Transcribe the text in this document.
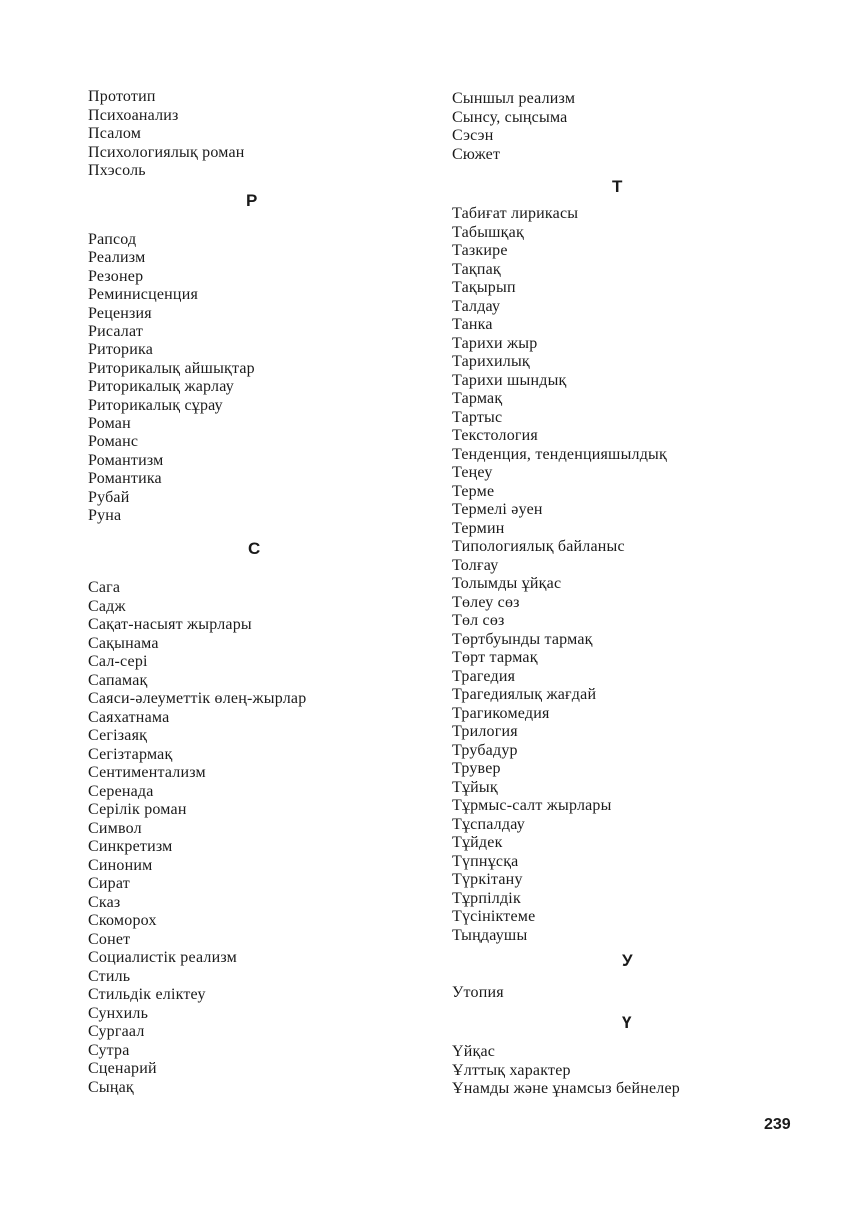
Прототип
Психоанализ
Псалом
Психологиялық роман
Пхэсоль
Р
Рапсод
Реализм
Резонер
Реминисценция
Рецензия
Рисалат
Риторика
Риторикалық айшықтар
Риторикалық жарлау
Риторикалық сұрау
Роман
Романс
Романтизм
Романтика
Рубай
Руна
С
Сага
Садж
Сақат-насыят жырлары
Сақынама
Сал-сері
Сапамақ
Саяси-әлеуметтік өлең-жырлар
Саяхатнама
Сегізаяқ
Сегізтармақ
Сентиментализм
Серенада
Серілік роман
Символ
Синкретизм
Синоним
Сират
Сказ
Скоморох
Сонет
Социалистік реализм
Стиль
Стильдік еліктеу
Сунхиль
Сургаал
Сутра
Сценарий
Сыңақ
Сыншыл реализм
Сынсу, сыңсыма
Сэсэн
Сюжет
Т
Табиғат лирикасы
Табышқақ
Тазкире
Тақпақ
Тақырып
Талдау
Танка
Тарихи жыр
Тарихилық
Тарихи шындық
Тармақ
Тартыс
Текстология
Тенденция, тенденцияшылдық
Теңеу
Терме
Термелі әуен
Термин
Типологиялық байланыс
Толғау
Толымды ұйқас
Төлеу сөз
Төл сөз
Төртбуынды тармақ
Төрт тармақ
Трагедия
Трагедиялық жағдай
Трагикомедия
Трилогия
Трубадур
Трувер
Тұйық
Тұрмыс-салт жырлары
Тұспалдау
Тұйдек
Түпнұсқа
Түркітану
Тұрпілдік
Түсініктеме
Тыңдаушы
У
Утопия
Ү
Үйқас
Ұлттық характер
Ұнамды және ұнамсыз бейнелер
239
